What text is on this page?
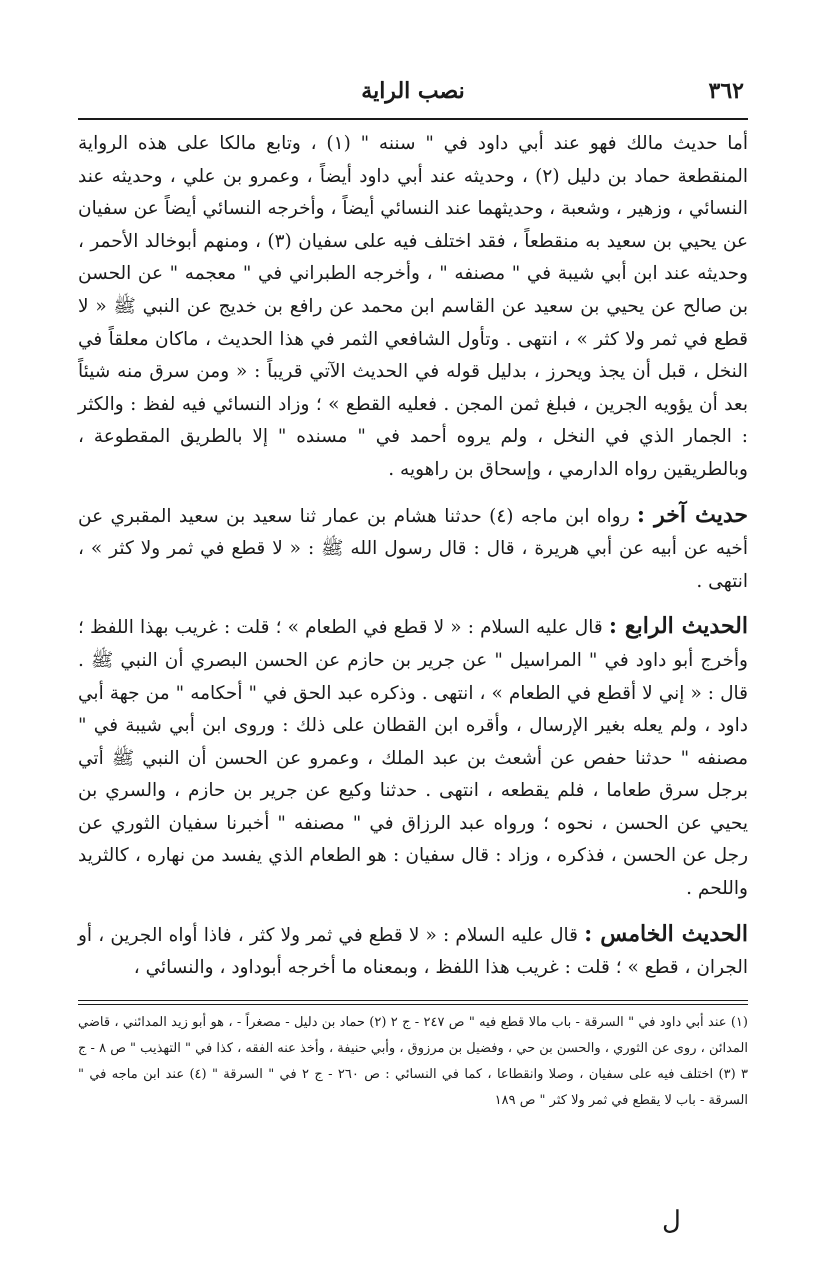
٣٦٢
نصب الراية

أما حديث مالك فهو عند أبي داود في " سننه " (١) ، وتابع مالكا على هذه الرواية المنقطعة حماد بن دليل (٢) ، وحديثه عند أبي داود أيضاً ، وعمرو بن علي ، وحديثه عند النسائي ، وزهير ، وشعبة ، وحديثهما عند النسائي أيضاً ، وأخرجه النسائي أيضاً عن سفيان عن يحيي بن سعيد به منقطعاً ، فقد اختلف فيه على سفيان (٣) ، ومنهم أبوخالد الأحمر ، وحديثه عند ابن أبي شيبة في " مصنفه " ، وأخرجه الطبراني في " معجمه " عن الحسن بن صالح عن يحيي بن سعيد عن القاسم ابن محمد عن رافع بن خديج عن النبي ﷺ « لا قطع في ثمر ولا كثر » ، انتهى . وتأول الشافعي الثمر في هذا الحديث ، ماكان معلقاً في النخل ، قبل أن يجذ ويحرز ، بدليل قوله في الحديث الآتي قريباً : « ومن سرق منه شيئاً بعد أن يؤويه الجرين ، فبلغ ثمن المجن . فعليه القطع » ؛ وزاد النسائي فيه لفظ : والكثر : الجمار الذي في النخل ، ولم يروه أحمد في " مسنده " إلا بالطريق المقطوعة ، وبالطريقين رواه الدارمي ، وإسحاق بن راهويه .

حديث آخر : رواه ابن ماجه (٤) حدثنا هشام بن عمار ثنا سعيد بن سعيد المقبري عن أخيه عن أبيه عن أبي هريرة ، قال : قال رسول الله ﷺ : « لا قطع في ثمر ولا كثر » ، انتهى .

الحديث الرابع : قال عليه السلام : « لا قطع في الطعام » ؛ قلت : غريب بهذا اللفظ ؛ وأخرج أبو داود في " المراسيل " عن جرير بن حازم عن الحسن البصري أن النبي ﷺ . قال : « إني لا أقطع في الطعام » ، انتهى . وذكره عبد الحق في " أحكامه " من جهة أبي داود ، ولم يعله بغير الإرسال ، وأقره ابن القطان على ذلك : وروى ابن أبي شيبة في " مصنفه " حدثنا حفص عن أشعث بن عبد الملك ، وعمرو عن الحسن أن النبي ﷺ أتي برجل سرق طعاما ، فلم يقطعه ، انتهى . حدثنا وكيع عن جرير بن حازم ، والسري بن يحيي عن الحسن ، نحوه ؛ ورواه عبد الرزاق في " مصنفه " أخبرنا سفيان الثوري عن رجل عن الحسن ، فذكره ، وزاد : قال سفيان : هو الطعام الذي يفسد من نهاره ، كالثريد واللحم .

الحديث الخامس : قال عليه السلام : « لا قطع في ثمر ولا كثر ، فاذا أواه الجرين ، أو الجران ، قطع » ؛ قلت : غريب هذا اللفظ ، وبمعناه ما أخرجه أبوداود ، والنسائي ،

(١) عند أبي داود في " السرقة - باب مالا قطع فيه " ص ٢٤٧ - ج ٢ (٢) حماد بن دليل - مصغراً - ، هو أبو زيد المدائني ، قاضي المدائن ، روى عن الثوري ، والحسن بن حي ، وفضيل بن مرزوق ، وأبي حنيفة ، وأخذ عنه الفقه ، كذا في " التهذيب " ص ٨ - ج ٣ (٣) اختلف فيه على سفيان ، وصلا وانقطاعا ، كما في النسائي : ص ٢٦٠ - ج ٢ في " السرقة " (٤) عند ابن ماجه في " السرقة - باب لا يقطع في ثمر ولا كثر " ص ١٨٩

ل
